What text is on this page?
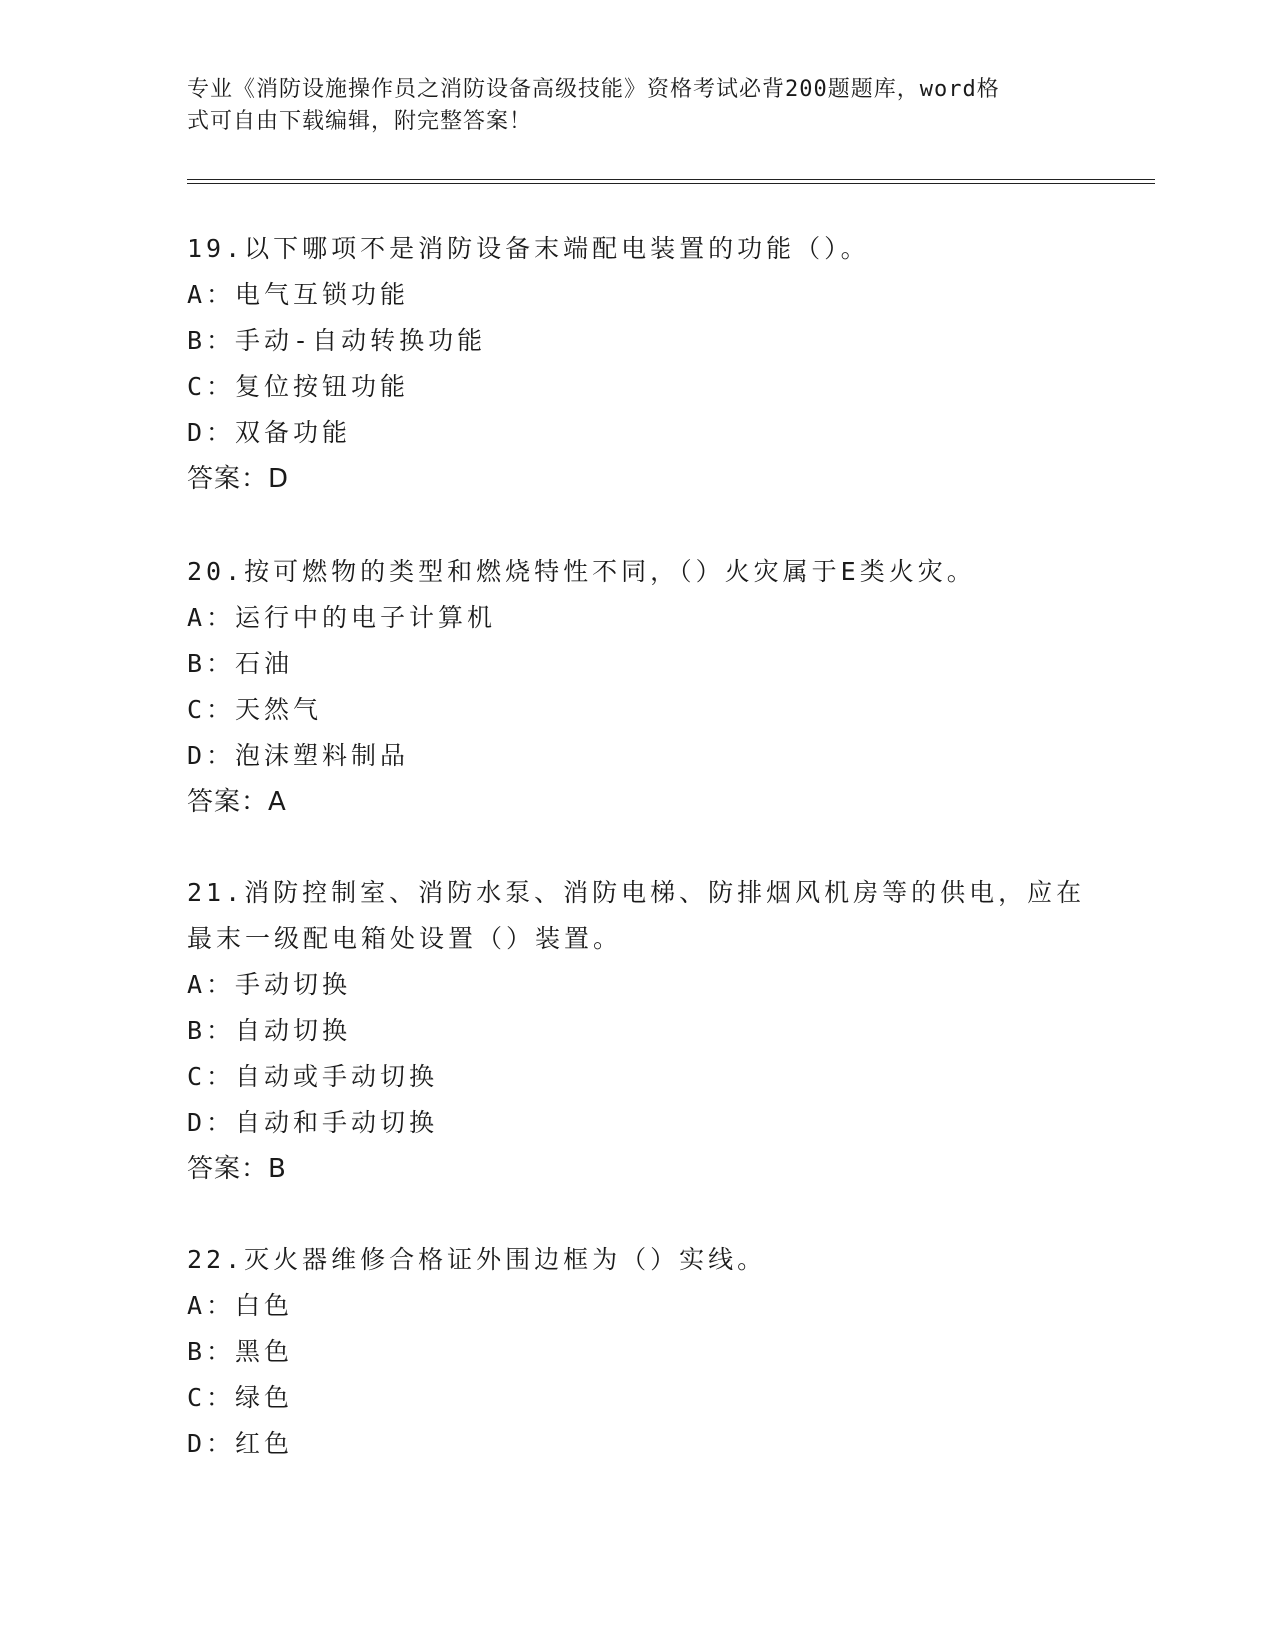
专业《消防设施操作员之消防设备高级技能》资格考试必背200题题库，word格
式可自由下载编辑，附完整答案！
19.以下哪项不是消防设备末端配电装置的功能（）。
A：电气互锁功能
B：手动-自动转换功能
C：复位按钮功能
D：双备功能
答案：D
20.按可燃物的类型和燃烧特性不同，（）火灾属于E类火灾。
A：运行中的电子计算机
B：石油
C：天然气
D：泡沫塑料制品
答案：A
21.消防控制室、消防水泵、消防电梯、防排烟风机房等的供电，应在最末一级配电箱处设置（）装置。
A：手动切换
B：自动切换
C：自动或手动切换
D：自动和手动切换
答案：B
22.灭火器维修合格证外围边框为（）实线。
A：白色
B：黑色
C：绿色
D：红色
